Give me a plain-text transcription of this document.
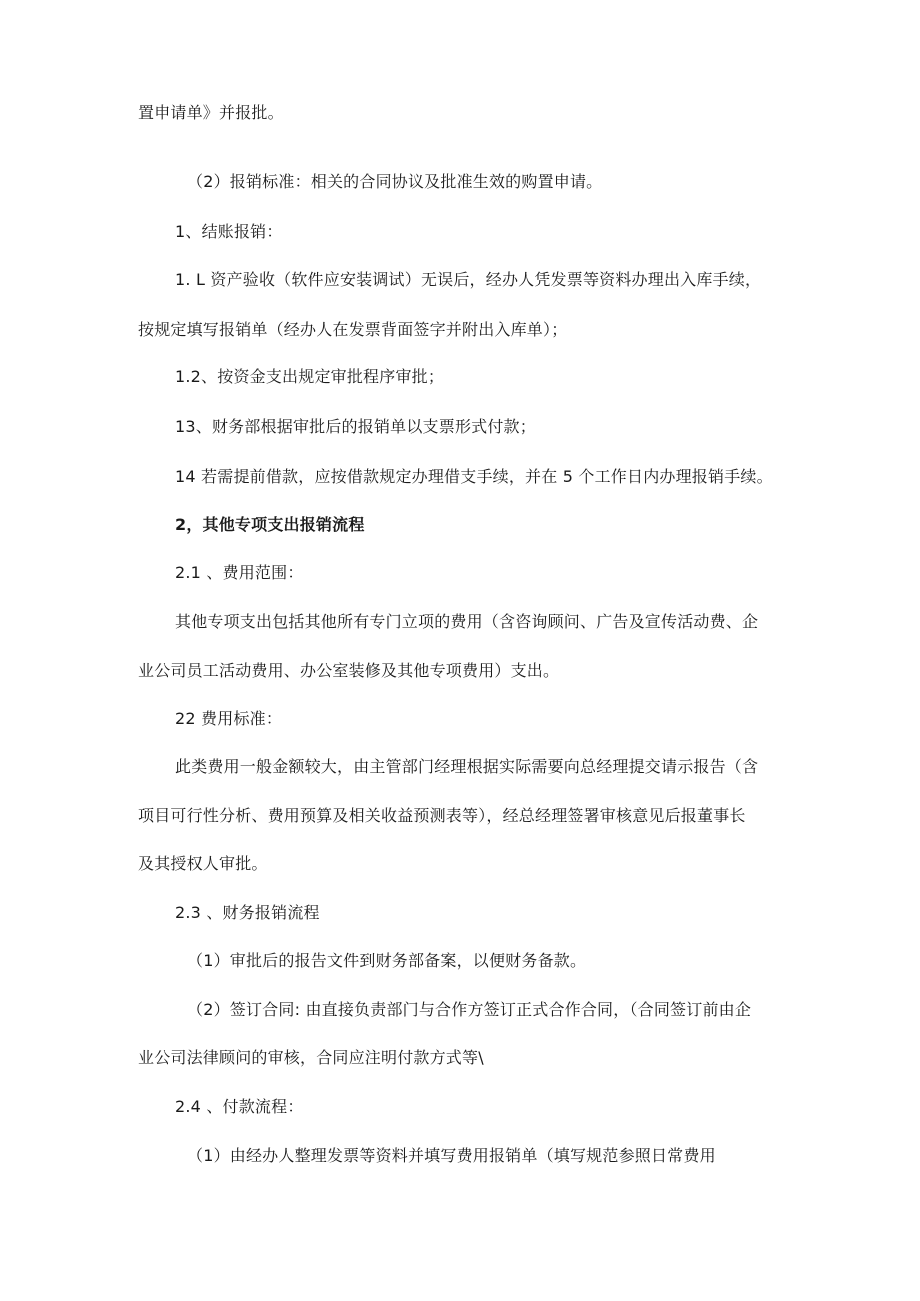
置申请单》并报批。
（2）报销标准：相关的合同协议及批准生效的购置申请。
1、结账报销：
1. L 资产验收（软件应安装调试）无误后，经办人凭发票等资料办理出入库手续，
按规定填写报销单（经办人在发票背面签字并附出入库单）；
1.2、按资金支出规定审批程序审批；
13、财务部根据审批后的报销单以支票形式付款；
14 若需提前借款，应按借款规定办理借支手续，并在 5 个工作日内办理报销手续。
2，其他专项支出报销流程
2.1 、费用范围：
其他专项支出包括其他所有专门立项的费用（含咨询顾问、广告及宣传活动费、企
业公司员工活动费用、办公室装修及其他专项费用）支出。
22 费用标准：
此类费用一般金额较大，由主管部门经理根据实际需要向总经理提交请示报告（含
项目可行性分析、费用预算及相关收益预测表等），经总经理签署审核意见后报董事长
及其授权人审批。
2.3 、财务报销流程
（1）审批后的报告文件到财务部备案，以便财务备款。
（2）签订合同: 由直接负责部门与合作方签订正式合作合同，（合同签订前由企
业公司法律顾问的审核，合同应注明付款方式等\
2.4 、付款流程：
（1）由经办人整理发票等资料并填写费用报销单（填写规范参照日常费用
